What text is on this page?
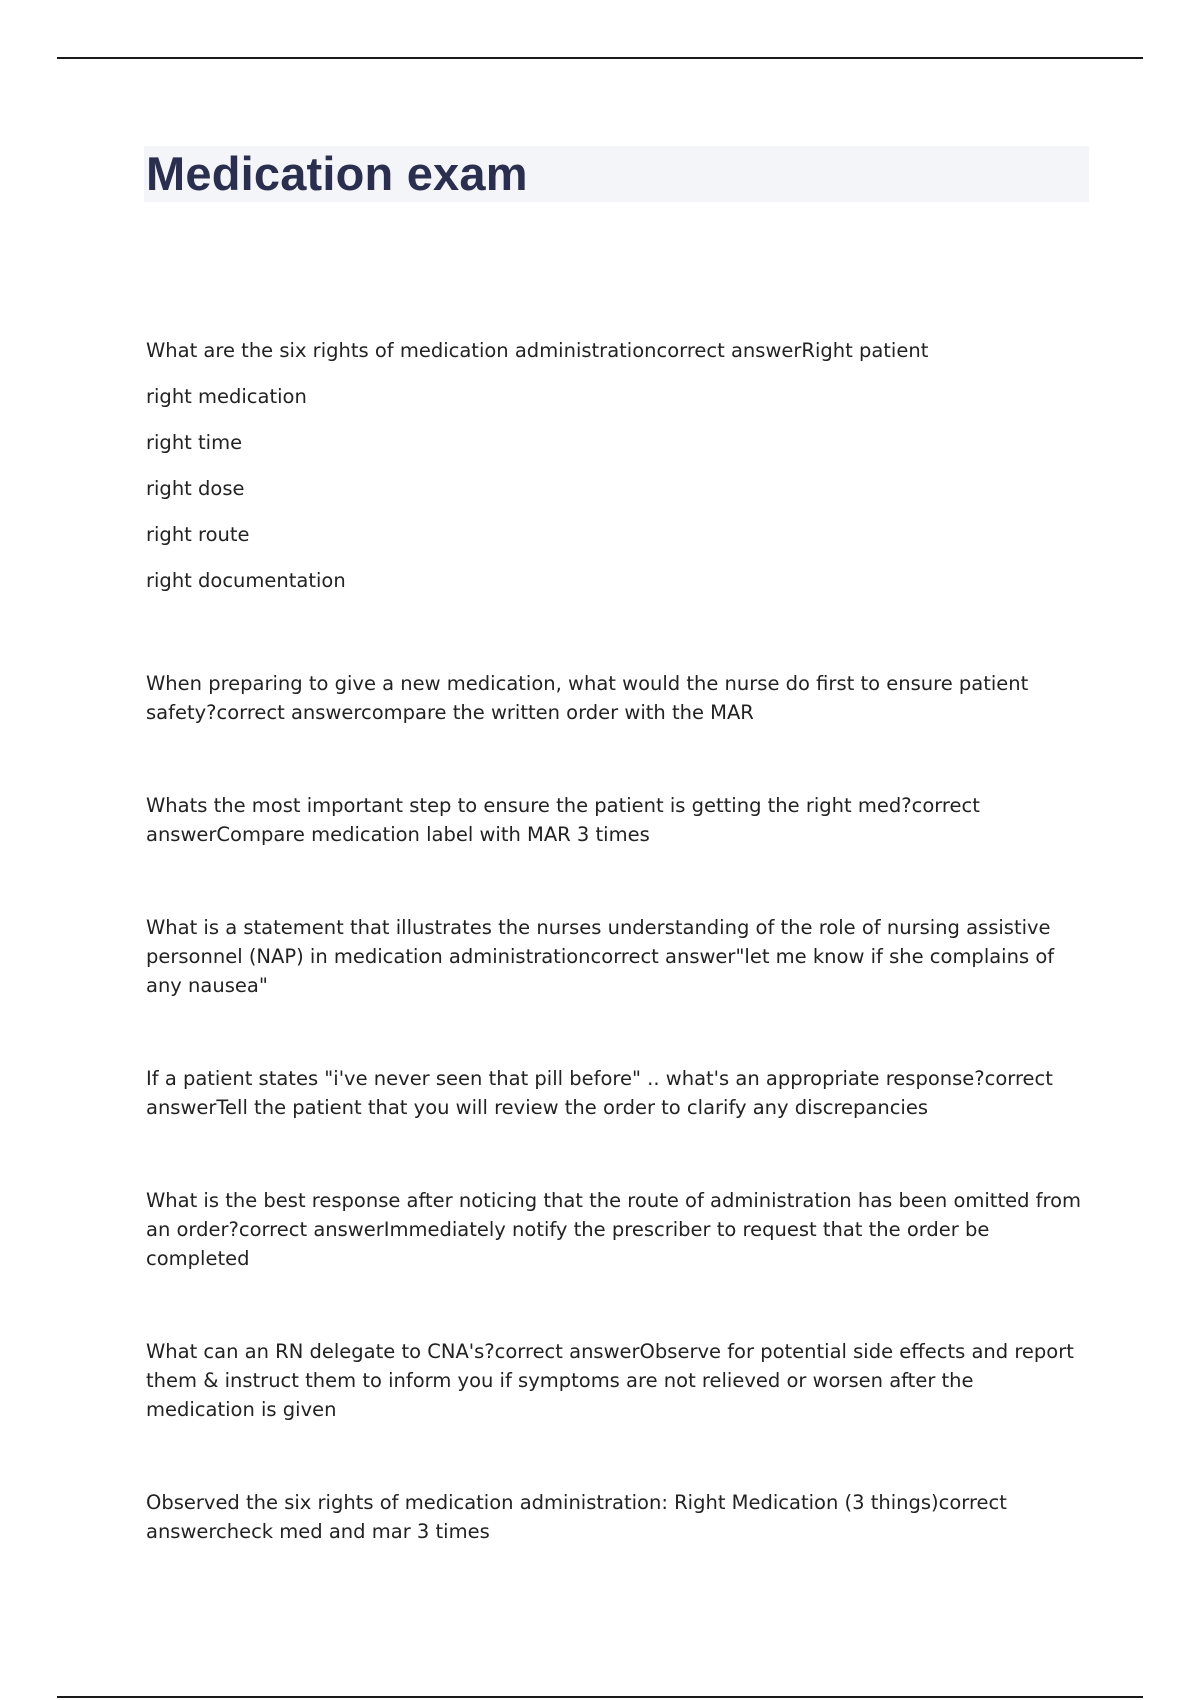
Medication exam

What are the six rights of medication administrationcorrect answerRight patient

right medication

right time

right dose

right route

right documentation

When preparing to give a new medication, what would the nurse do first to ensure patient safety?correct answercompare the written order with the MAR

Whats the most important step to ensure the patient is getting the right med?correct answerCompare medication label with MAR 3 times

What is a statement that illustrates the nurses understanding of the role of nursing assistive personnel (NAP) in medication administrationcorrect answer"let me know if she complains of any nausea"

If a patient states "i've never seen that pill before" .. what's an appropriate response?correct answerTell the patient that you will review the order to clarify any discrepancies

What is the best response after noticing that the route of administration has been omitted from an order?correct answerImmediately notify the prescriber to request that the order be completed

What can an RN delegate to CNA's?correct answerObserve for potential side effects and report them & instruct them to inform you if symptoms are not relieved or worsen after the medication is given

Observed the six rights of medication administration: Right Medication (3 things)correct answercheck med and mar 3 times
